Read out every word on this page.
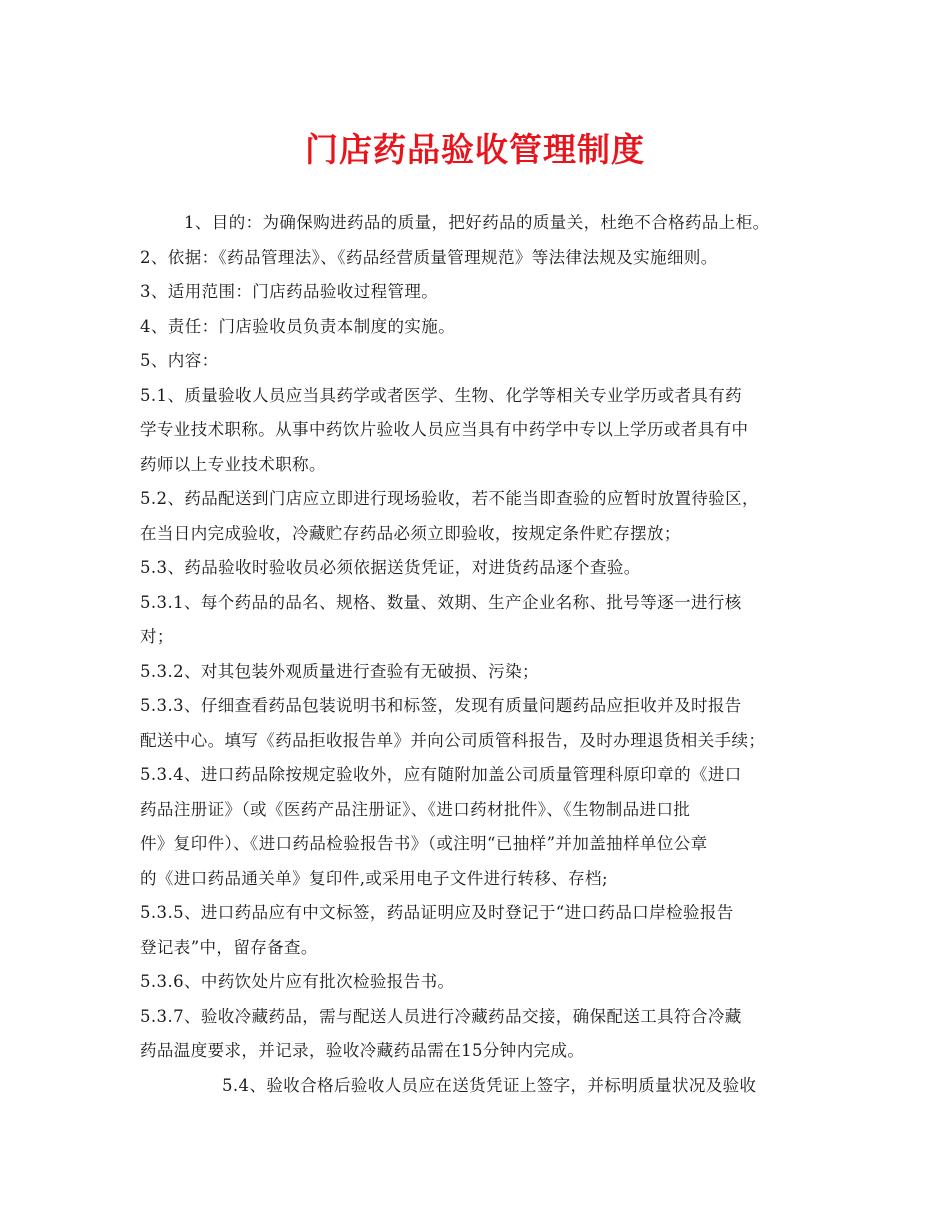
门店药品验收管理制度
1、目的：为确保购进药品的质量，把好药品的质量关，杜绝不合格药品上柜。
2、依据：《药品管理法》、《药品经营质量管理规范》等法律法规及实施细则。
3、适用范围：门店药品验收过程管理。
4、责任：门店验收员负责本制度的实施。
5、内容：
5.1、质量验收人员应当具药学或者医学、生物、化学等相关专业学历或者具有药
学专业技术职称。从事中药饮片验收人员应当具有中药学中专以上学历或者具有中
药师以上专业技术职称。
5.2、药品配送到门店应立即进行现场验收，若不能当即查验的应暂时放置待验区，
在当日内完成验收，冷藏贮存药品必须立即验收，按规定条件贮存摆放；
5.3、药品验收时验收员必须依据送货凭证，对进货药品逐个查验。
5.3.1、每个药品的品名、规格、数量、效期、生产企业名称、批号等逐一进行核
对；
5.3.2、对其包装外观质量进行查验有无破损、污染；
5.3.3、仔细查看药品包装说明书和标签，发现有质量问题药品应拒收并及时报告
配送中心。填写《药品拒收报告单》并向公司质管科报告，及时办理退货相关手续；
5.3.4、进口药品除按规定验收外，应有随附加盖公司质量管理科原印章的《进口
药品注册证》（或《医药产品注册证》、《进口药材批件》、《生物制品进口批
件》复印件）、《进口药品检验报告书》（或注明“已抽样”并加盖抽样单位公章
的《进口药品通关单》复印件,或采用电子文件进行转移、存档;
5.3.5、进口药品应有中文标签，药品证明应及时登记于“进口药品口岸检验报告
登记表”中，留存备查。
5.3.6、中药饮处片应有批次检验报告书。
5.3.7、验收冷藏药品，需与配送人员进行冷藏药品交接，确保配送工具符合冷藏
药品温度要求，并记录，验收冷藏药品需在15分钟内完成。
5.4、验收合格后验收人员应在送货凭证上签字，并标明质量状况及验收
